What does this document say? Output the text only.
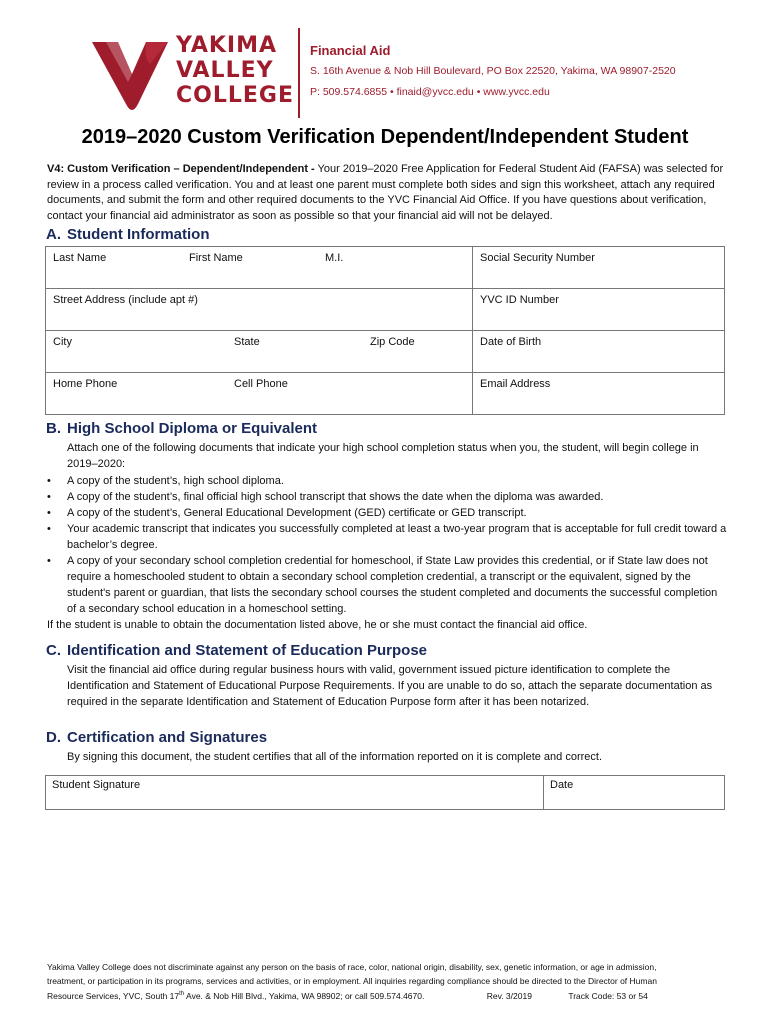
YAKIMA
VALLEY
COLLEGE
Financial Aid
S. 16th Avenue & Nob Hill Boulevard, PO Box 22520, Yakima, WA 98907-2520
P: 509.574.6855 • finaid@yvcc.edu • www.yvcc.edu
2019–2020 Custom Verification Dependent/Independent Student
V4: Custom Verification – Dependent/Independent - Your 2019–2020 Free Application for Federal Student Aid (FAFSA) was selected for review in a process called verification. You and at least one parent must complete both sides and sign this worksheet, attach any required documents, and submit the form and other required documents to the YVC Financial Aid Office. If you have questions about verification, contact your financial aid administrator as soon as possible so that your financial aid will not be delayed.
A. Student Information
Last Name First Name M.I.	Social Security Number
Street Address (include apt #)	YVC ID Number

City State Zip Code	Date of Birth

Home Phone Cell Phone	Email Address
B. High School Diploma or Equivalent
Attach one of the following documents that indicate your high school completion status when you, the student, will begin college in 2019–2020:
• A copy of the student’s, high school diploma.
• A copy of the student’s, final official high school transcript that shows the date when the diploma was awarded.
• A copy of the student’s, General Educational Development (GED) certificate or GED transcript.
• Your academic transcript that indicates you successfully completed at least a two-year program that is acceptable for full credit toward a bachelor’s degree.
• A copy of your secondary school completion credential for homeschool, if State Law provides this credential, or if State law does not require a homeschooled student to obtain a secondary school completion credential, a transcript or the equivalent, signed by the student's parent or guardian, that lists the secondary school courses the student completed and documents the successful completion of a secondary school education in a homeschool setting.
If the student is unable to obtain the documentation listed above, he or she must contact the financial aid office.
C. Identification and Statement of Education Purpose
Visit the financial aid office during regular business hours with valid, government issued picture identification to complete the Identification and Statement of Educational Purpose Requirements. If you are unable to do so, attach the separate documentation as required in the separate Identification and Statement of Education Purpose form after it has been notarized.
D. Certification and Signatures
By signing this document, the student certifies that all of the information reported on it is complete and correct.
Student Signature	Date
Yakima Valley College does not discriminate against any person on the basis of race, color, national origin, disability, sex, genetic information, or age in admission,
treatment, or participation in its programs, services and activities, or in employment. All inquiries regarding compliance should be directed to the Director of Human
Resource Services, YVC, South 17th Ave. & Nob Hill Blvd., Yakima, WA 98902; or call 509.574.4670.	Rev. 3/2019	Track Code: 53 or 54
